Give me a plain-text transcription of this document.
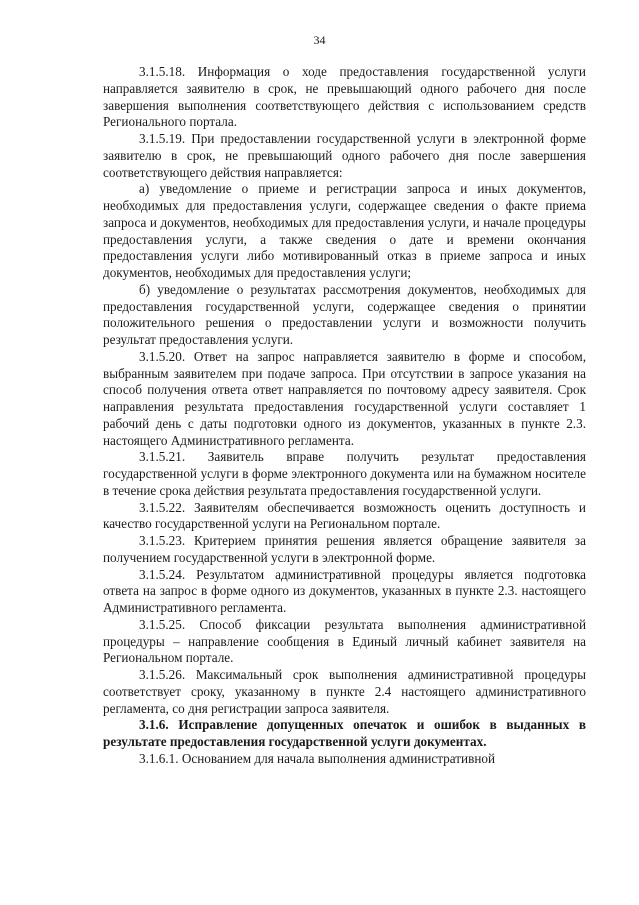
34

3.1.5.18. Информация о ходе предоставления государственной услуги направляется заявителю в срок, не превышающий одного рабочего дня после завершения выполнения соответствующего действия с использованием средств Регионального портала.

3.1.5.19. При предоставлении государственной услуги в электронной форме заявителю в срок, не превышающий одного рабочего дня после завершения соответствующего действия направляется:

а) уведомление о приеме и регистрации запроса и иных документов, необходимых для предоставления услуги, содержащее сведения о факте приема запроса и документов, необходимых для предоставления услуги, и начале процедуры предоставления услуги, а также сведения о дате и времени окончания предоставления услуги либо мотивированный отказ в приеме запроса и иных документов, необходимых для предоставления услуги;

б) уведомление о результатах рассмотрения документов, необходимых для предоставления государственной услуги, содержащее сведения о принятии положительного решения о предоставлении услуги и возможности получить результат предоставления услуги.

3.1.5.20. Ответ на запрос направляется заявителю в форме и способом, выбранным заявителем при подаче запроса. При отсутствии в запросе указания на способ получения ответа ответ направляется по почтовому адресу заявителя. Срок направления результата предоставления государственной услуги составляет 1 рабочий день с даты подготовки одного из документов, указанных в пункте 2.3. настоящего Административного регламента.

3.1.5.21. Заявитель вправе получить результат предоставления государственной услуги в форме электронного документа или на бумажном носителе в течение срока действия результата предоставления государственной услуги.

3.1.5.22. Заявителям обеспечивается возможность оценить доступность и качество государственной услуги на Региональном портале.

3.1.5.23. Критерием принятия решения является обращение заявителя за получением государственной услуги в электронной форме.

3.1.5.24. Результатом административной процедуры является подготовка ответа на запрос в форме одного из документов, указанных в пункте 2.3. настоящего Административного регламента.

3.1.5.25. Способ фиксации результата выполнения административной процедуры – направление сообщения в Единый личный кабинет заявителя на Региональном портале.

3.1.5.26. Максимальный срок выполнения административной процедуры соответствует сроку, указанному в пункте 2.4 настоящего административного регламента, со дня регистрации запроса заявителя.

3.1.6. Исправление допущенных опечаток и ошибок в выданных в результате предоставления государственной услуги документах.

3.1.6.1. Основанием для начала выполнения административной
